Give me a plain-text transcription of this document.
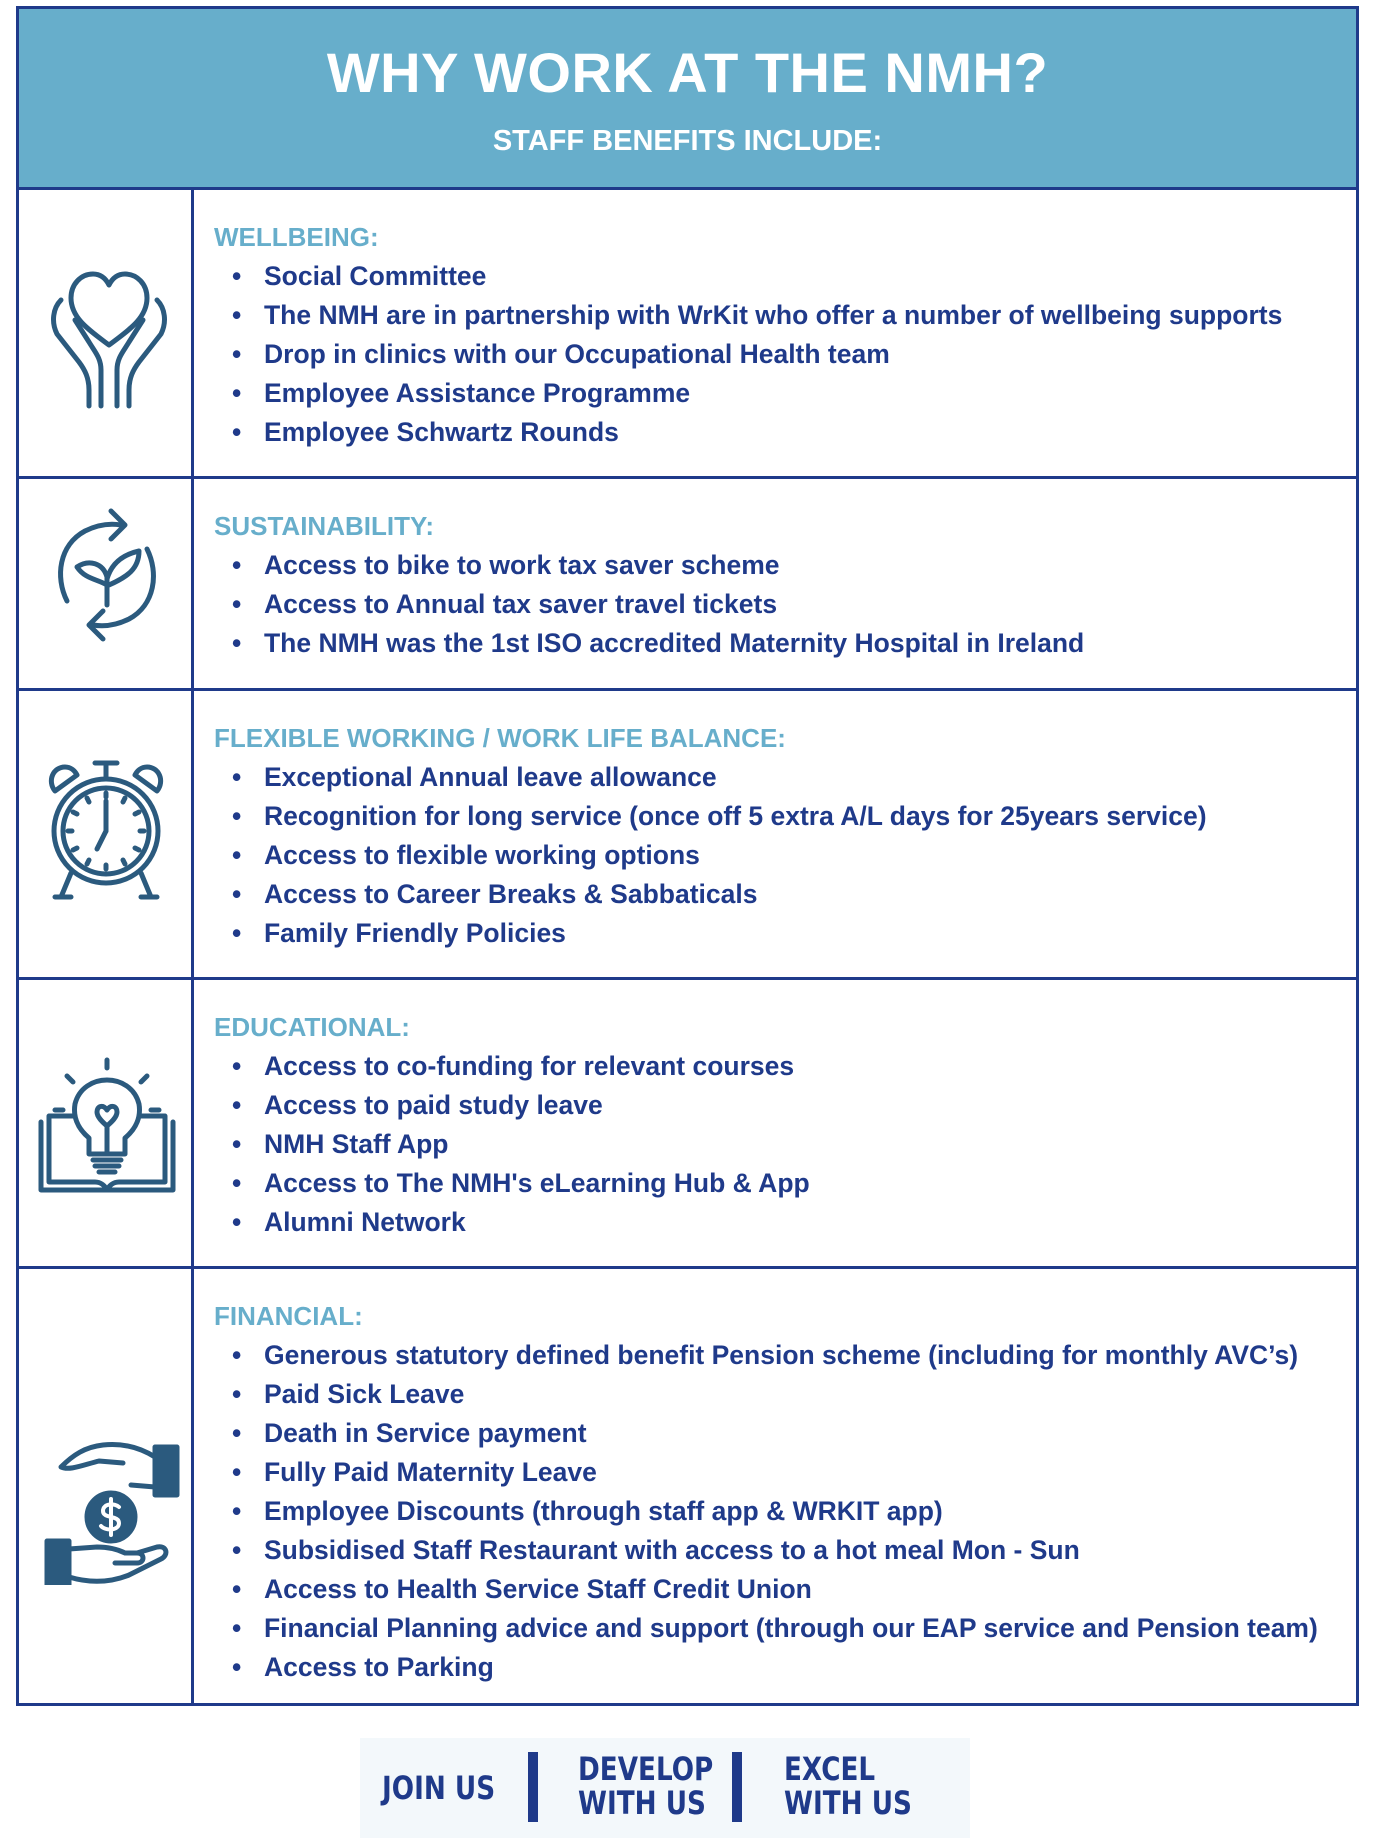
WHY WORK AT THE NMH?
STAFF BENEFITS INCLUDE:
WELLBEING:
• Social Committee
• The NMH are in partnership with WrKit who offer a number of wellbeing supports
• Drop in clinics with our Occupational Health team
• Employee Assistance Programme
• Employee Schwartz Rounds
SUSTAINABILITY:
• Access to bike to work tax saver scheme
• Access to Annual tax saver travel tickets
• The NMH was the 1st ISO accredited Maternity Hospital in Ireland
FLEXIBLE WORKING / WORK LIFE BALANCE:
• Exceptional Annual leave allowance
• Recognition for long service (once off 5 extra A/L days for 25years service)
• Access to flexible working options
• Access to Career Breaks & Sabbaticals
• Family Friendly Policies
EDUCATIONAL:
• Access to co-funding for relevant courses
• Access to paid study leave
• NMH Staff App
• Access to The NMH's eLearning Hub & App
• Alumni Network
FINANCIAL:
• Generous statutory defined benefit Pension scheme (including for monthly AVC’s)
• Paid Sick Leave
• Death in Service payment
• Fully Paid Maternity Leave
• Employee Discounts (through staff app & WRKIT app)
• Subsidised Staff Restaurant with access to a hot meal Mon - Sun
• Access to Health Service Staff Credit Union
• Financial Planning advice and support (through our EAP service and Pension team)
• Access to Parking
JOIN US	DEVELOP
WITH US
EXCEL
WITH US
